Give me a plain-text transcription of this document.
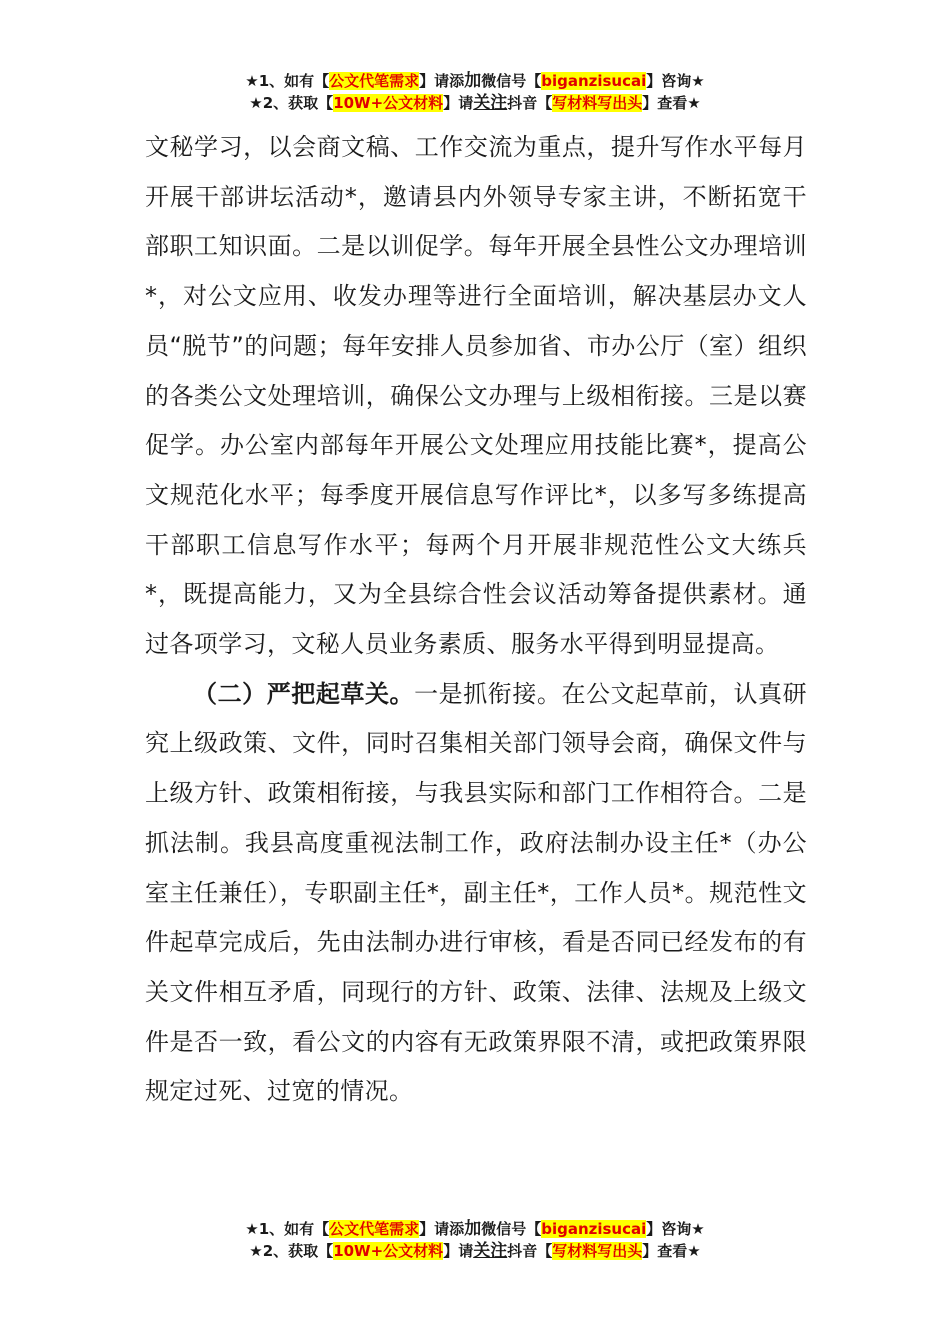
★1、如有【公文代笔需求】请添加微信号【biganzisucai】咨询★
★2、获取【10W+公文材料】请关注抖音【写材料写出头】查看★

文秘学习，以会商文稿、工作交流为重点，提升写作水平每月开展干部讲坛活动*，邀请县内外领导专家主讲，不断拓宽干部职工知识面。二是以训促学。每年开展全县性公文办理培训*，对公文应用、收发办理等进行全面培训，解决基层办文人员“脱节”的问题；每年安排人员参加省、市办公厅（室）组织的各类公文处理培训，确保公文办理与上级相衔接。三是以赛促学。办公室内部每年开展公文处理应用技能比赛*，提高公文规范化水平；每季度开展信息写作评比*，以多写多练提高干部职工信息写作水平；每两个月开展非规范性公文大练兵*，既提高能力，又为全县综合性会议活动筹备提供素材。通过各项学习，文秘人员业务素质、服务水平得到明显提高。

（二）严把起草关。一是抓衔接。在公文起草前，认真研究上级政策、文件，同时召集相关部门领导会商，确保文件与上级方针、政策相衔接，与我县实际和部门工作相符合。二是抓法制。我县高度重视法制工作，政府法制办设主任*（办公室主任兼任），专职副主任*，副主任*，工作人员*。规范性文件起草完成后，先由法制办进行审核，看是否同已经发布的有关文件相互矛盾，同现行的方针、政策、法律、法规及上级文件是否一致，看公文的内容有无政策界限不清，或把政策界限规定过死、过宽的情况。

★1、如有【公文代笔需求】请添加微信号【biganzisucai】咨询★
★2、获取【10W+公文材料】请关注抖音【写材料写出头】查看★
